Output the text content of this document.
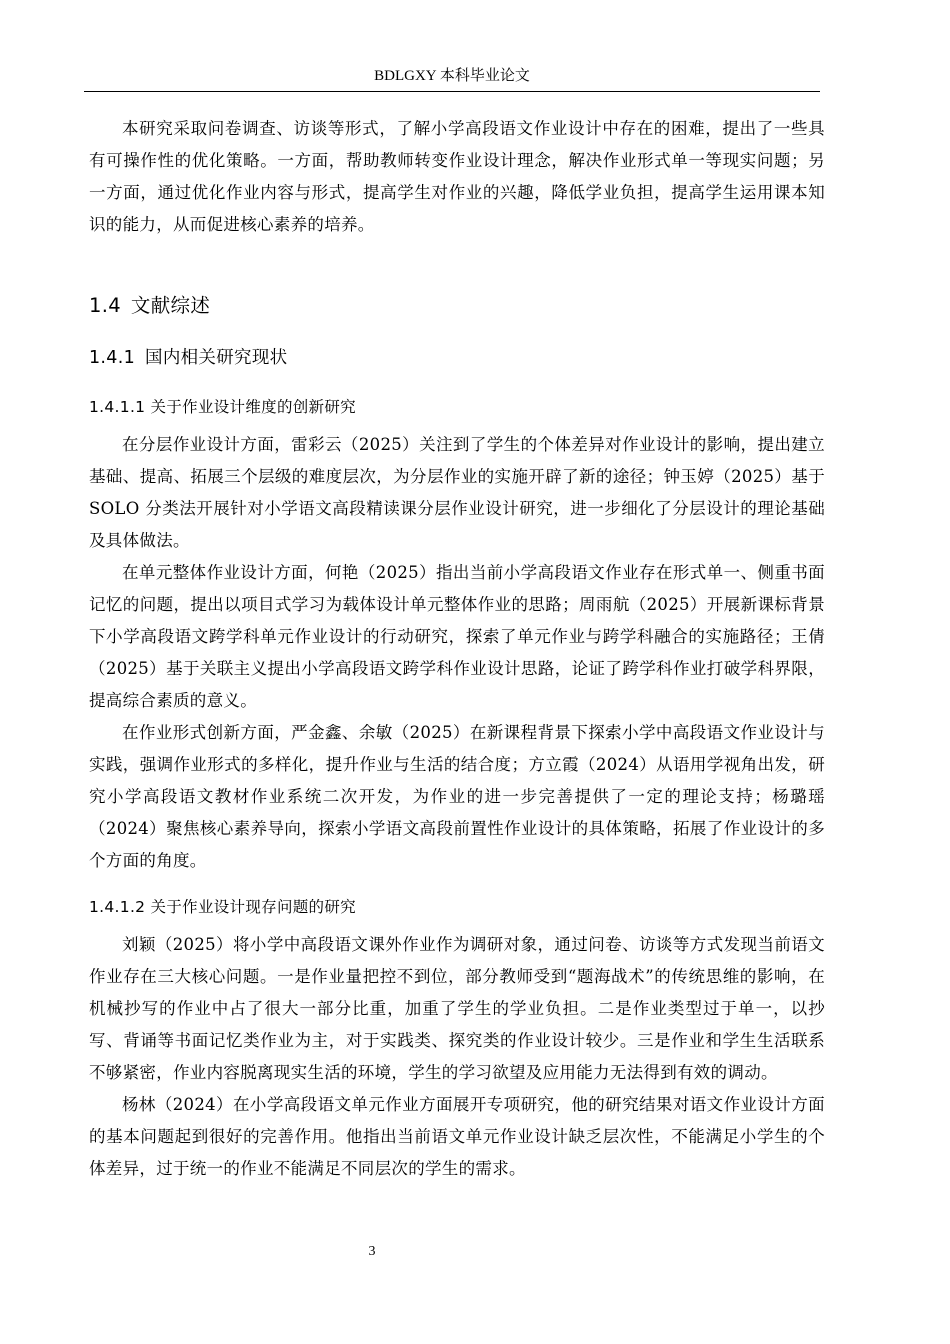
BDLGXY 本科毕业论文

本研究采取问卷调查、访谈等形式，了解小学高段语文作业设计中存在的困难，提出了一些具有可操作性的优化策略。一方面，帮助教师转变作业设计理念，解决作业形式单一等现实问题；另一方面，通过优化作业内容与形式，提高学生对作业的兴趣，降低学业负担，提高学生运用课本知识的能力，从而促进核心素养的培养。

1.4 文献综述
1.4.1 国内相关研究现状
1.4.1.1 关于作业设计维度的创新研究

在分层作业设计方面，雷彩云（2025）关注到了学生的个体差异对作业设计的影响，提出建立基础、提高、拓展三个层级的难度层次，为分层作业的实施开辟了新的途径；钟玉婷（2025）基于 SOLO 分类法开展针对小学语文高段精读课分层作业设计研究，进一步细化了分层设计的理论基础及具体做法。

在单元整体作业设计方面，何艳（2025）指出当前小学高段语文作业存在形式单一、侧重书面记忆的问题，提出以项目式学习为载体设计单元整体作业的思路；周雨航（2025）开展新课标背景下小学高段语文跨学科单元作业设计的行动研究，探索了单元作业与跨学科融合的实施路径；王倩（2025）基于关联主义提出小学高段语文跨学科作业设计思路，论证了跨学科作业打破学科界限，提高综合素质的意义。

在作业形式创新方面，严金鑫、余敏（2025）在新课程背景下探索小学中高段语文作业设计与实践，强调作业形式的多样化，提升作业与生活的结合度；方立霞（2024）从语用学视角出发，研究小学高段语文教材作业系统二次开发，为作业的进一步完善提供了一定的理论支持；杨璐瑶（2024）聚焦核心素养导向，探索小学语文高段前置性作业设计的具体策略，拓展了作业设计的多个方面的角度。

1.4.1.2 关于作业设计现存问题的研究

刘颖（2025）将小学中高段语文课外作业作为调研对象，通过问卷、访谈等方式发现当前语文作业存在三大核心问题。一是作业量把控不到位，部分教师受到“题海战术”的传统思维的影响，在机械抄写的作业中占了很大一部分比重，加重了学生的学业负担。二是作业类型过于单一，以抄写、背诵等书面记忆类作业为主，对于实践类、探究类的作业设计较少。三是作业和学生生活联系不够紧密，作业内容脱离现实生活的环境，学生的学习欲望及应用能力无法得到有效的调动。

杨林（2024）在小学高段语文单元作业方面展开专项研究，他的研究结果对语文作业设计方面的基本问题起到很好的完善作用。他指出当前语文单元作业设计缺乏层次性，不能满足小学生的个体差异，过于统一的作业不能满足不同层次的学生的需求。

3
